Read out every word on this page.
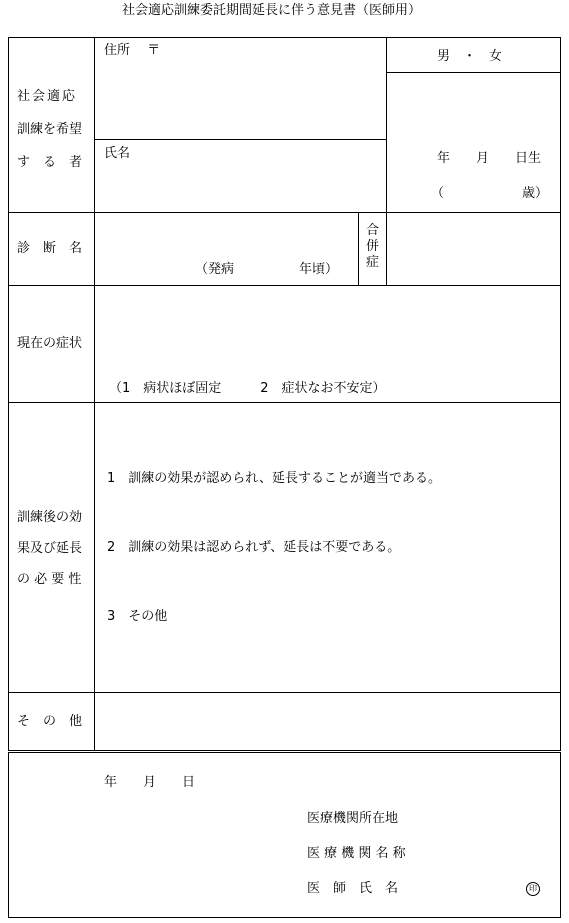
社会適応訓練委託期間延長に伴う意見書（医師用）
社会適応
訓練を希望
す　る　者
住所　 〒
氏名
男　・　女
年　　月　　日生
（　　　　　　歳）
診　断　名
（発病　　　　　年頃）
合
併
症
現在の症状
（1　病状ほぼ固定　　　2　症状なお不安定）
訓練後の効
果及び延長
の 必 要 性
1　訓練の効果が認められ、延長することが適当である。
2　訓練の効果は認められず、延長は不要である。
3　その他
そ　の　他
年　　月　　日
医療機関所在地
医 療 機 関 名 称
医　師　氏　名	印
